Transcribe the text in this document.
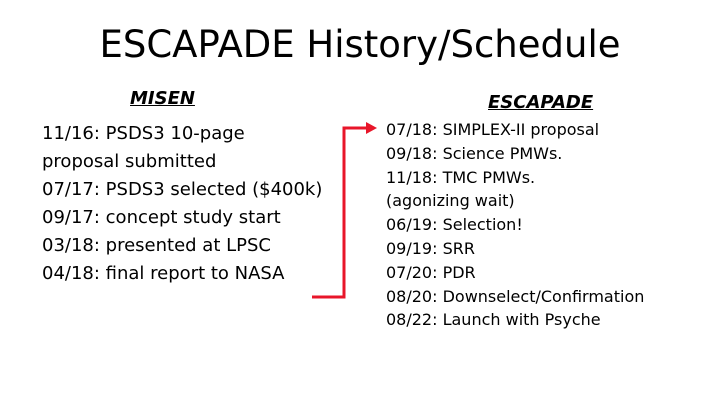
ESCAPADE History/Schedule
MISEN
11/16: PSDS3 10-page
proposal submitted
07/17: PSDS3 selected ($400k)
09/17: concept study start
03/18: presented at LPSC
04/18: final report to NASA
ESCAPADE
07/18: SIMPLEX-II proposal
09/18: Science PMWs.
11/18: TMC PMWs.
(agonizing wait)
06/19: Selection!
09/19: SRR
07/20: PDR
08/20: Downselect/Confirmation
08/22: Launch with Psyche
